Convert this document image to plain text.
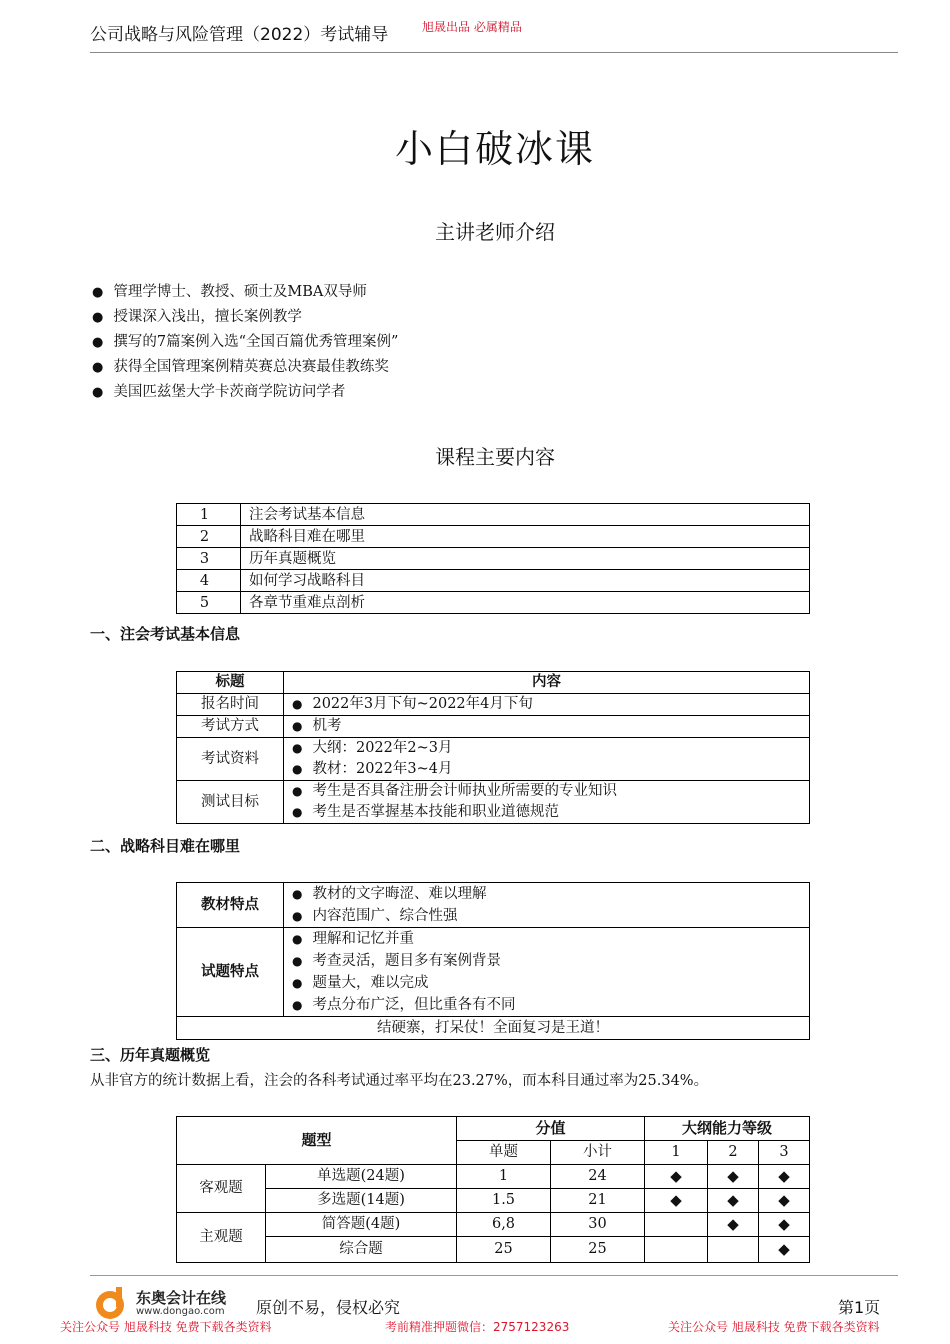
公司战略与风险管理（2022）考试辅导	旭晟出品 必属精品
小白破冰课
主讲老师介绍
● 管理学博士、教授、硕士及MBA双导师
● 授课深入浅出，擅长案例教学
● 撰写的7篇案例入选“全国百篇优秀管理案例”
● 获得全国管理案例精英赛总决赛最佳教练奖
● 美国匹兹堡大学卡茨商学院访问学者
课程主要内容
1	注会考试基本信息
2	战略科目难在哪里
3	历年真题概览
4	如何学习战略科目
5	各章节重难点剖析
一、注会考试基本信息
标题	内容
报名时间	● 2022年3月下旬~2022年4月下旬

考试方式	● 机考

考试资料	● 大纲：2022年2~3月
● 教材：2022年3~4月

测试目标	● 考生是否具备注册会计师执业所需要的专业知识
● 考生是否掌握基本技能和职业道德规范
二、战略科目难在哪里
教材特点	● 教材的文字晦涩、难以理解
● 内容范围广、综合性强

试题特点	● 理解和记忆并重
● 考查灵活，题目多有案例背景
● 题量大，难以完成
● 考点分布广泛，但比重各有不同

结硬寨，打呆仗！全面复习是王道！	
三、历年真题概览
从非官方的统计数据上看，注会的各科考试通过率平均在23.27%，而本科目通过率为25.34%。
题型		分值		大纲能力等级		
		单题	小计	1	2	3
客观题	单选题(24题)	1	24	◆	◆	◆
	多选题(14题)	1.5	21	◆	◆	◆
主观题	简答题(4题)	6,8	30		◆	◆
	综合题	25	25			◆
东奥会计在线
www.dongao.com 原创不易，侵权必究	第1页
关注公众号 旭晟科技 免费下载各类资料	考前精准押题微信：2757123263	关注公众号 旭晟科技 免费下载各类资料
